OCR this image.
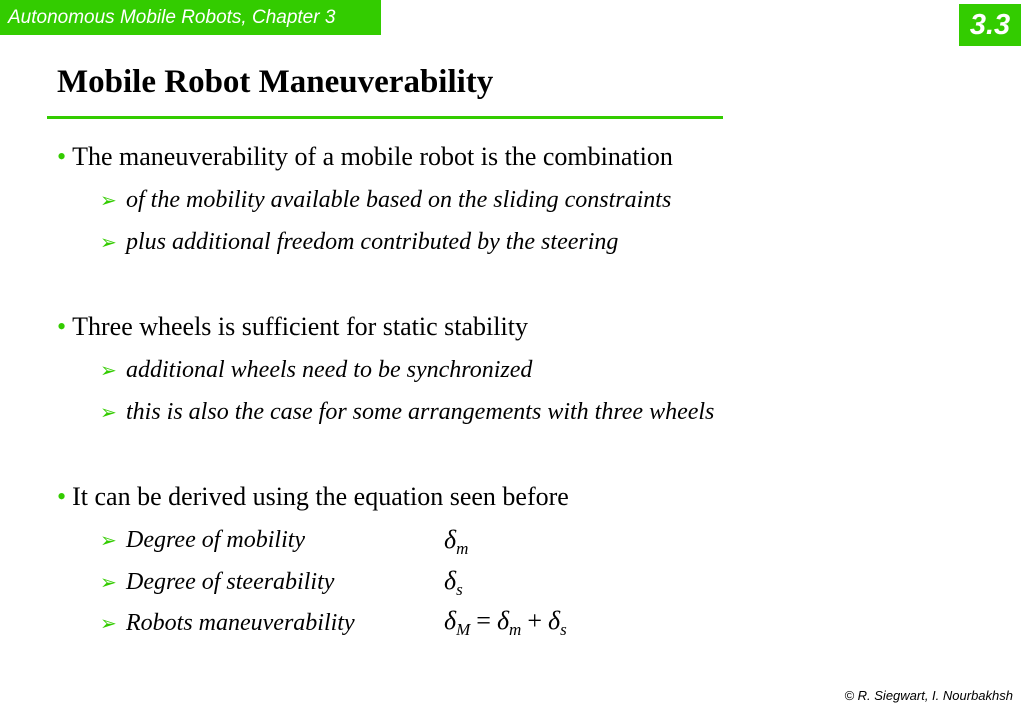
Autonomous Mobile Robots, Chapter 3	3.3
Mobile Robot Maneuverability
• The maneuverability of a mobile robot is the combination
➢ of the mobility available based on the sliding constraints
➢ plus additional freedom contributed by the steering
• Three wheels is sufficient for static stability
➢ additional wheels need to be synchronized
➢ this is also the case for some arrangements with three wheels
• It can be derived using the equation seen before
➢ Degree of mobility
➢ Degree of steerability
➢ Robots maneuverability
$\delta_m$
$\delta_s$
$\delta_M = \delta_m + \delta_s$
© R. Siegwart, I. Nourbakhsh
